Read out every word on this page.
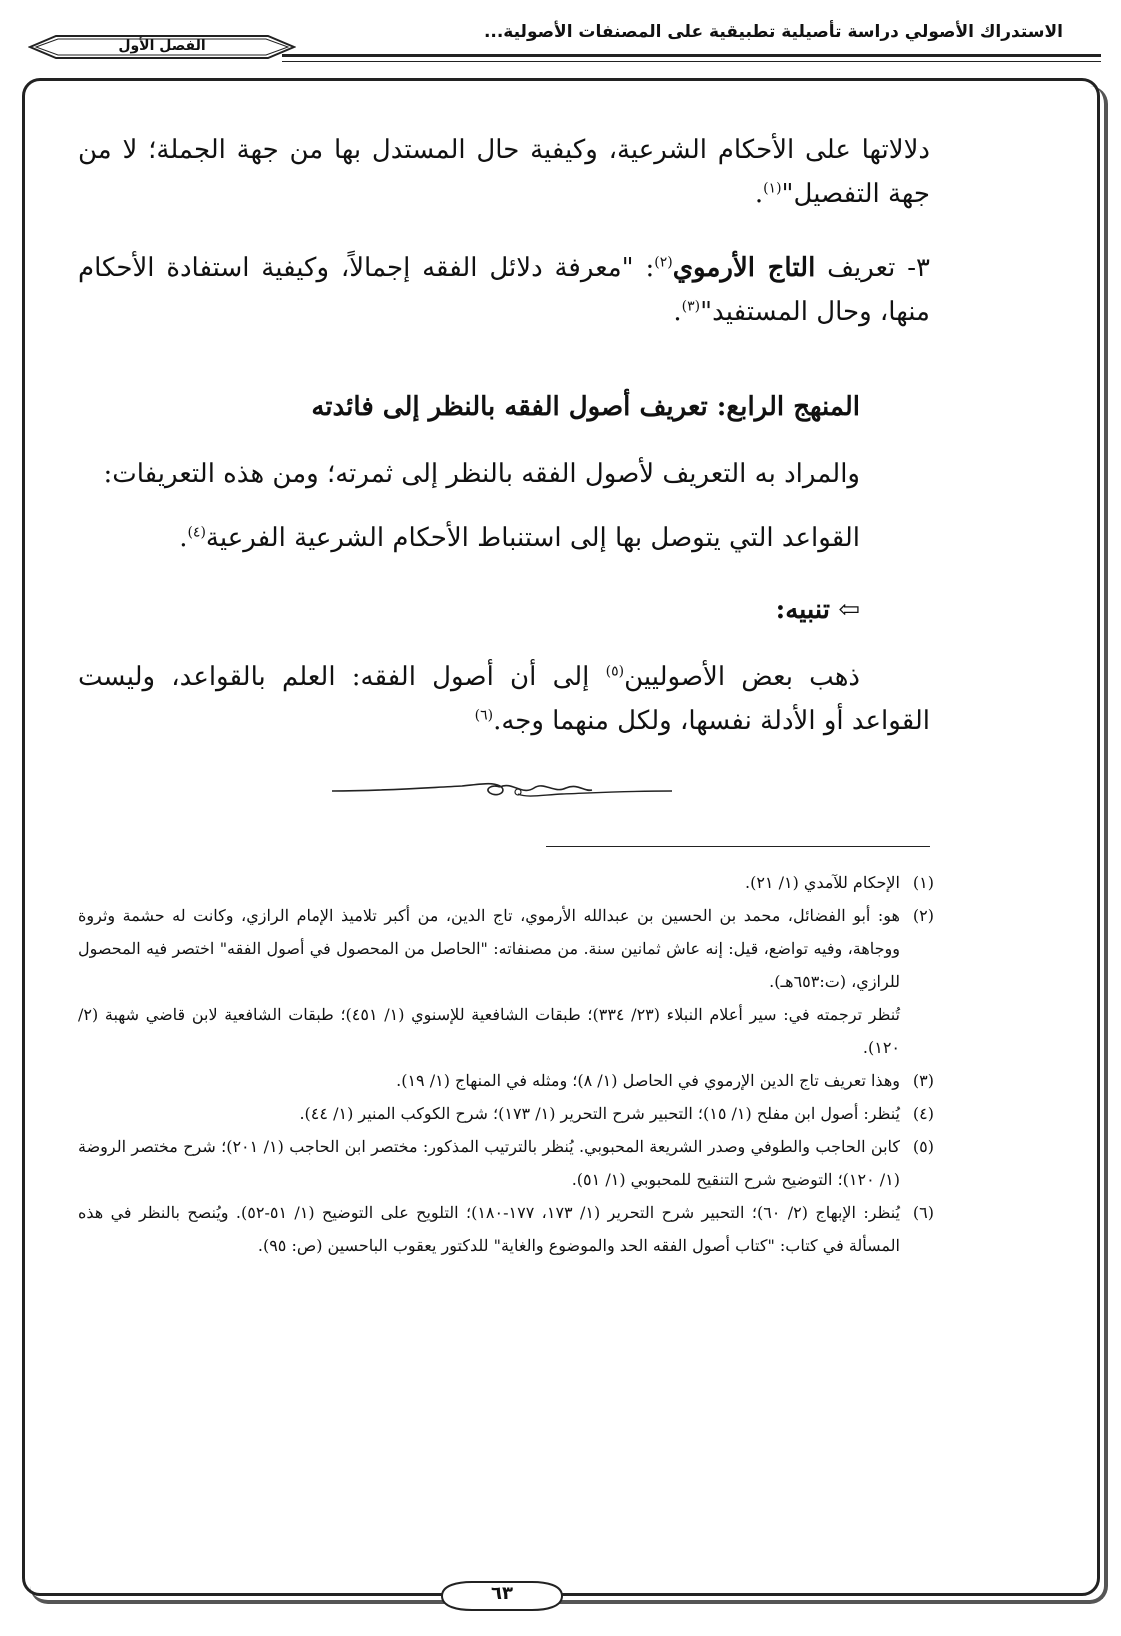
الاستدراك الأصولي دراسة تأصيلية تطبيقية على المصنفات الأصولية...
الفصل الأول
دلالاتها على الأحكام الشرعية، وكيفية حال المستدل بها من جهة الجملة؛ لا من جهة التفصيل"$^{(١)}$.
٣- تعريف التاج الأرموي$^{(٢)}$: "معرفة دلائل الفقه إجمالاً، وكيفية استفادة الأحكام منها، وحال المستفيد"$^{(٣)}$.
المنهج الرابع: تعريف أصول الفقه بالنظر إلى فائدته
والمراد به التعريف لأصول الفقه بالنظر إلى ثمرته؛ ومن هذه التعريفات:
القواعد التي يتوصل بها إلى استنباط الأحكام الشرعية الفرعية$^{(٤)}$.
⇦ تنبيه:
ذهب بعض الأصوليين$^{(٥)}$ إلى أن أصول الفقه: العلم بالقواعد، وليست القواعد أو الأدلة نفسها، ولكل منهما وجه.$^{(٦)}$
(١)
الإحكام للآمدي (١/ ٢١).
(٢)
هو: أبو الفضائل، محمد بن الحسين بن عبدالله الأرموي، تاج الدين، من أكبر تلاميذ الإمام الرازي، وكانت له حشمة وثروة ووجاهة، وفيه تواضع، قيل: إنه عاش ثمانين سنة. من مصنفاته: "الحاصل من المحصول في أصول الفقه" اختصر فيه المحصول للرازي، (ت:٦٥٣هـ).
تُنظر ترجمته في: سير أعلام النبلاء (٢٣/ ٣٣٤)؛ طبقات الشافعية للإسنوي (١/ ٤٥١)؛ طبقات الشافعية لابن قاضي شهبة (٢/ ١٢٠).
(٣)
وهذا تعريف تاج الدين الإرموي في الحاصل (١/ ٨)؛ ومثله في المنهاج (١/ ١٩).
(٤)
يُنظر: أصول ابن مفلح (١/ ١٥)؛ التحبير شرح التحرير (١/ ١٧٣)؛ شرح الكوكب المنير (١/ ٤٤).
(٥)
كابن الحاجب والطوفي وصدر الشريعة المحبوبي. يُنظر بالترتيب المذكور: مختصر ابن الحاجب (١/ ٢٠١)؛ شرح مختصر الروضة (١/ ١٢٠)؛ التوضيح شرح التنقيح للمحبوبي (١/ ٥١).
(٦)
يُنظر: الإبهاج (٢/ ٦٠)؛ التحبير شرح التحرير (١/ ١٧٣، ١٧٧-١٨٠)؛ التلويح على التوضيح (١/ ٥١-٥٢). ويُنصح بالنظر في هذه المسألة في كتاب: "كتاب أصول الفقه الحد والموضوع والغاية" للدكتور يعقوب الباحسين (ص: ٩٥).
٦٣
